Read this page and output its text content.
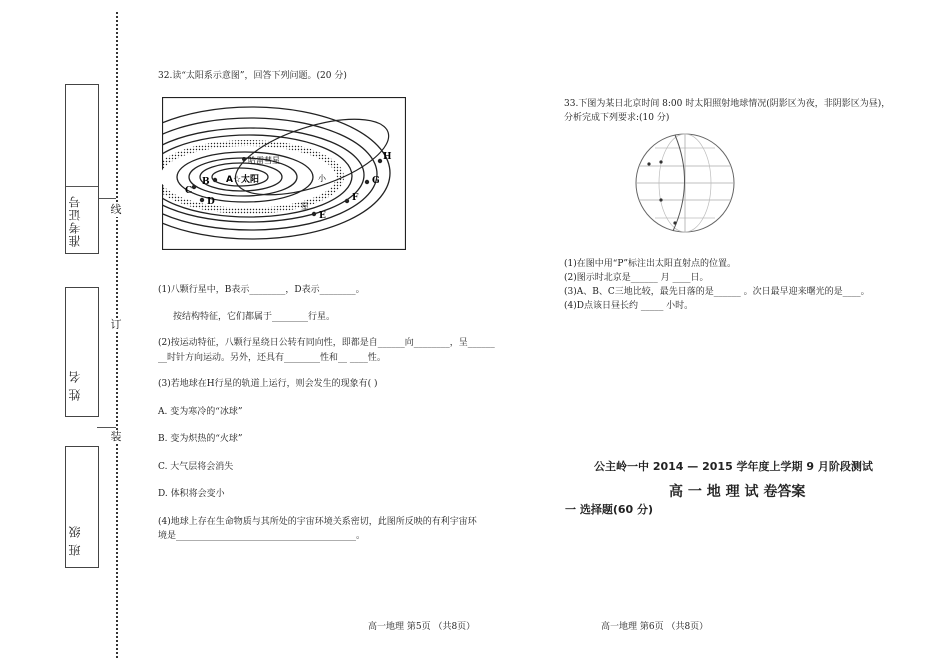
线
订
装
准考证号
姓 名
班 级
32.读“太阳系示意图”，回答下列问题。(20 分)
A☆太阳
哈雷彗星
B
C
D
E
F
G
H
小
星
(1)八颗行星中，B表示________，D表示________。
按结构特征，它们都属于________行星。
(2)按运动特征，八颗行星绕日公转有同向性，即都是自______向________，呈______
__时针方向运动。另外，还具有________性和__ ____性。
(3)若地球在H行星的轨道上运行，则会发生的现象有( )
A. 变为寒冷的“冰球”
B. 变为炽热的“火球”
C. 大气层将会消失
D. 体积将会变小
(4)地球上存在生命物质与其所处的宇宙环境关系密切，此图所反映的有利宇宙环
境是________________________________________。
高一地理 第5页 （共8页）
33.下图为某日北京时间 8:00 时太阳照射地球情况(阴影区为夜，非阴影区为昼)，
分析完成下列要求:(10 分)
(1)在图中用“P”标注出太阳直射点的位置。
(2)图示时北京是______ 月 ____日。
(3)A、B、C三地比较，最先日落的是______ 。次日最早迎来曙光的是____。
(4)D点该日昼长约 _____ 小时。
公主岭一中 2014 — 2015 学年度上学期 9 月阶段测试
高 一 地 理 试 卷答案
一 选择题(60 分)
高一地理 第6页 （共8页）
